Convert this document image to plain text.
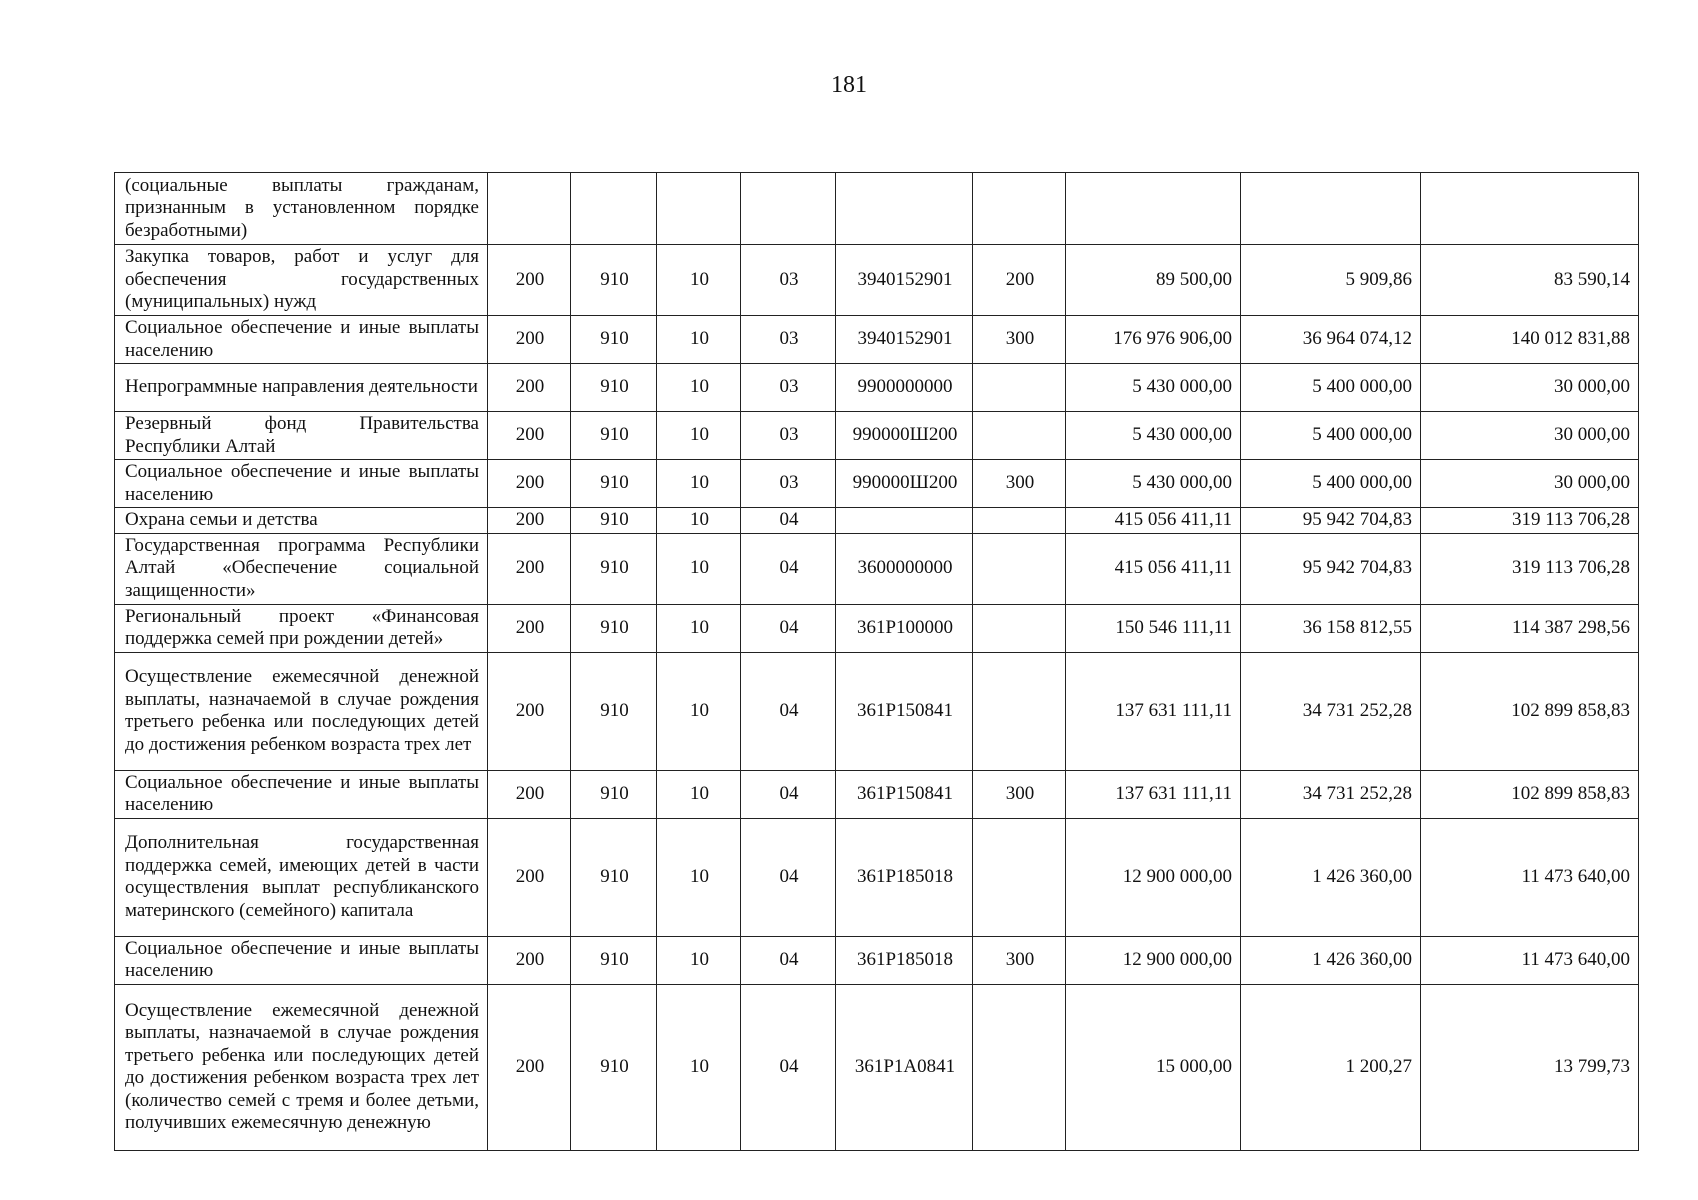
181
(социальные выплаты гражданам, признанным в установленном порядке безработными)									
Закупка товаров, работ и услуг для обеспечения государственных (муниципальных) нужд	200	910	10	03	3940152901	200	89 500,00	5 909,86	83 590,14
Социальное обеспечение и иные выплаты населению	200	910	10	03	3940152901	300	176 976 906,00	36 964 074,12	140 012 831,88
Непрограммные направления деятельности	200	910	10	03	9900000000		5 430 000,00	5 400 000,00	30 000,00
Резервный фонд Правительства Республики Алтай	200	910	10	03	990000Ш200		5 430 000,00	5 400 000,00	30 000,00
Социальное обеспечение и иные выплаты населению	200	910	10	03	990000Ш200	300	5 430 000,00	5 400 000,00	30 000,00
Охрана семьи и детства	200	910	10	04			415 056 411,11	95 942 704,83	319 113 706,28
Государственная программа Республики Алтай «Обеспечение социальной защищенности»	200	910	10	04	3600000000		415 056 411,11	95 942 704,83	319 113 706,28
Региональный проект «Финансовая поддержка семей при рождении детей»	200	910	10	04	361P100000		150 546 111,11	36 158 812,55	114 387 298,56
Осуществление ежемесячной денежной выплаты, назначаемой в случае рождения третьего ребенка или последующих детей до достижения ребенком возраста трех лет	200	910	10	04	361P150841		137 631 111,11	34 731 252,28	102 899 858,83
Социальное обеспечение и иные выплаты населению	200	910	10	04	361P150841	300	137 631 111,11	34 731 252,28	102 899 858,83
Дополнительная государственная поддержка семей, имеющих детей в части осуществления выплат республиканского материнского (семейного) капитала	200	910	10	04	361P185018		12 900 000,00	1 426 360,00	11 473 640,00
Социальное обеспечение и иные выплаты населению	200	910	10	04	361P185018	300	12 900 000,00	1 426 360,00	11 473 640,00
Осуществление ежемесячной денежной выплаты, назначаемой в случае рождения третьего ребенка или последующих детей до достижения ребенком возраста трех лет (количество семей с тремя и более детьми, получивших ежемесячную денежную	200	910	10	04	361P1A0841		15 000,00	1 200,27	13 799,73
